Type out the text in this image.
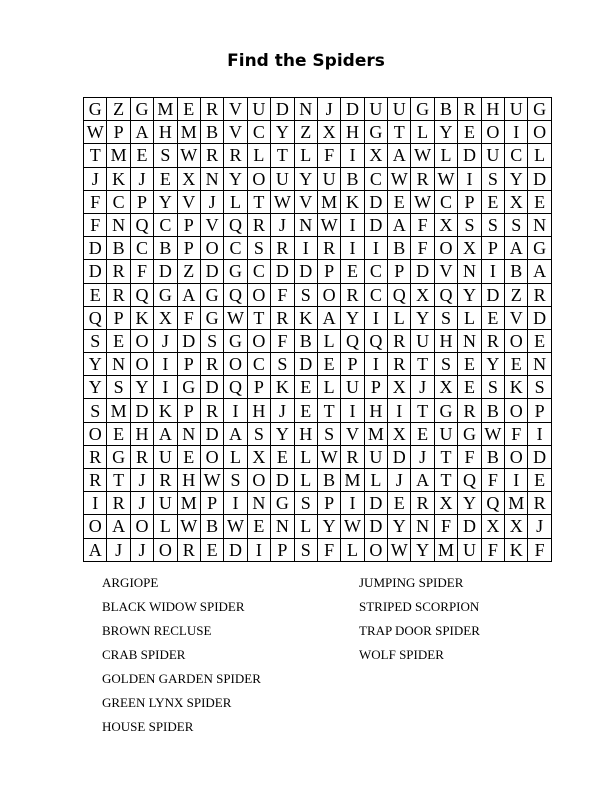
Find the Spiders
G	Z	G	M	E	R	V	U	D	N	J	D	U	U	G	B	R	H	U	G
W	P	A	H	M	B	V	C	Y	Z	X	H	G	T	L	Y	E	O	I	O
T	M	E	S	W	R	R	L	T	L	F	I	X	A	W	L	D	U	C	L
J	K	J	E	X	N	Y	O	U	Y	U	B	C	W	R	W	I	S	Y	D
F	C	P	Y	V	J	L	T	W	V	M	K	D	E	W	C	P	E	X	E
F	N	Q	C	P	V	Q	R	J	N	W	I	D	A	F	X	S	S	S	N
D	B	C	B	P	O	C	S	R	I	R	I	I	B	F	O	X	P	A	G
D	R	F	D	Z	D	G	C	D	D	P	E	C	P	D	V	N	I	B	A
E	R	Q	G	A	G	Q	O	F	S	O	R	C	Q	X	Q	Y	D	Z	R
Q	P	K	X	F	G	W	T	R	K	A	Y	I	L	Y	S	L	E	V	D
S	E	O	J	D	S	G	O	F	B	L	Q	Q	R	U	H	N	R	O	E
Y	N	O	I	P	R	O	C	S	D	E	P	I	R	T	S	E	Y	E	N
Y	S	Y	I	G	D	Q	P	K	E	L	U	P	X	J	X	E	S	K	S
S	M	D	K	P	R	I	H	J	E	T	I	H	I	T	G	R	B	O	P
O	E	H	A	N	D	A	S	Y	H	S	V	M	X	E	U	G	W	F	I
R	G	R	U	E	O	L	X	E	L	W	R	U	D	J	T	F	B	O	D
R	T	J	R	H	W	S	O	D	L	B	M	L	J	A	T	Q	F	I	E
I	R	J	U	M	P	I	N	G	S	P	I	D	E	R	X	Y	Q	M	R
O	A	O	L	W	B	W	E	N	L	Y	W	D	Y	N	F	D	X	X	J
A	J	J	O	R	E	D	I	P	S	F	L	O	W	Y	M	U	F	K	F
ARGIOPE
BLACK WIDOW SPIDER
BROWN RECLUSE
CRAB SPIDER
GOLDEN GARDEN SPIDER
GREEN LYNX SPIDER
HOUSE SPIDER
JUMPING SPIDER
STRIPED SCORPION
TRAP DOOR SPIDER
WOLF SPIDER
